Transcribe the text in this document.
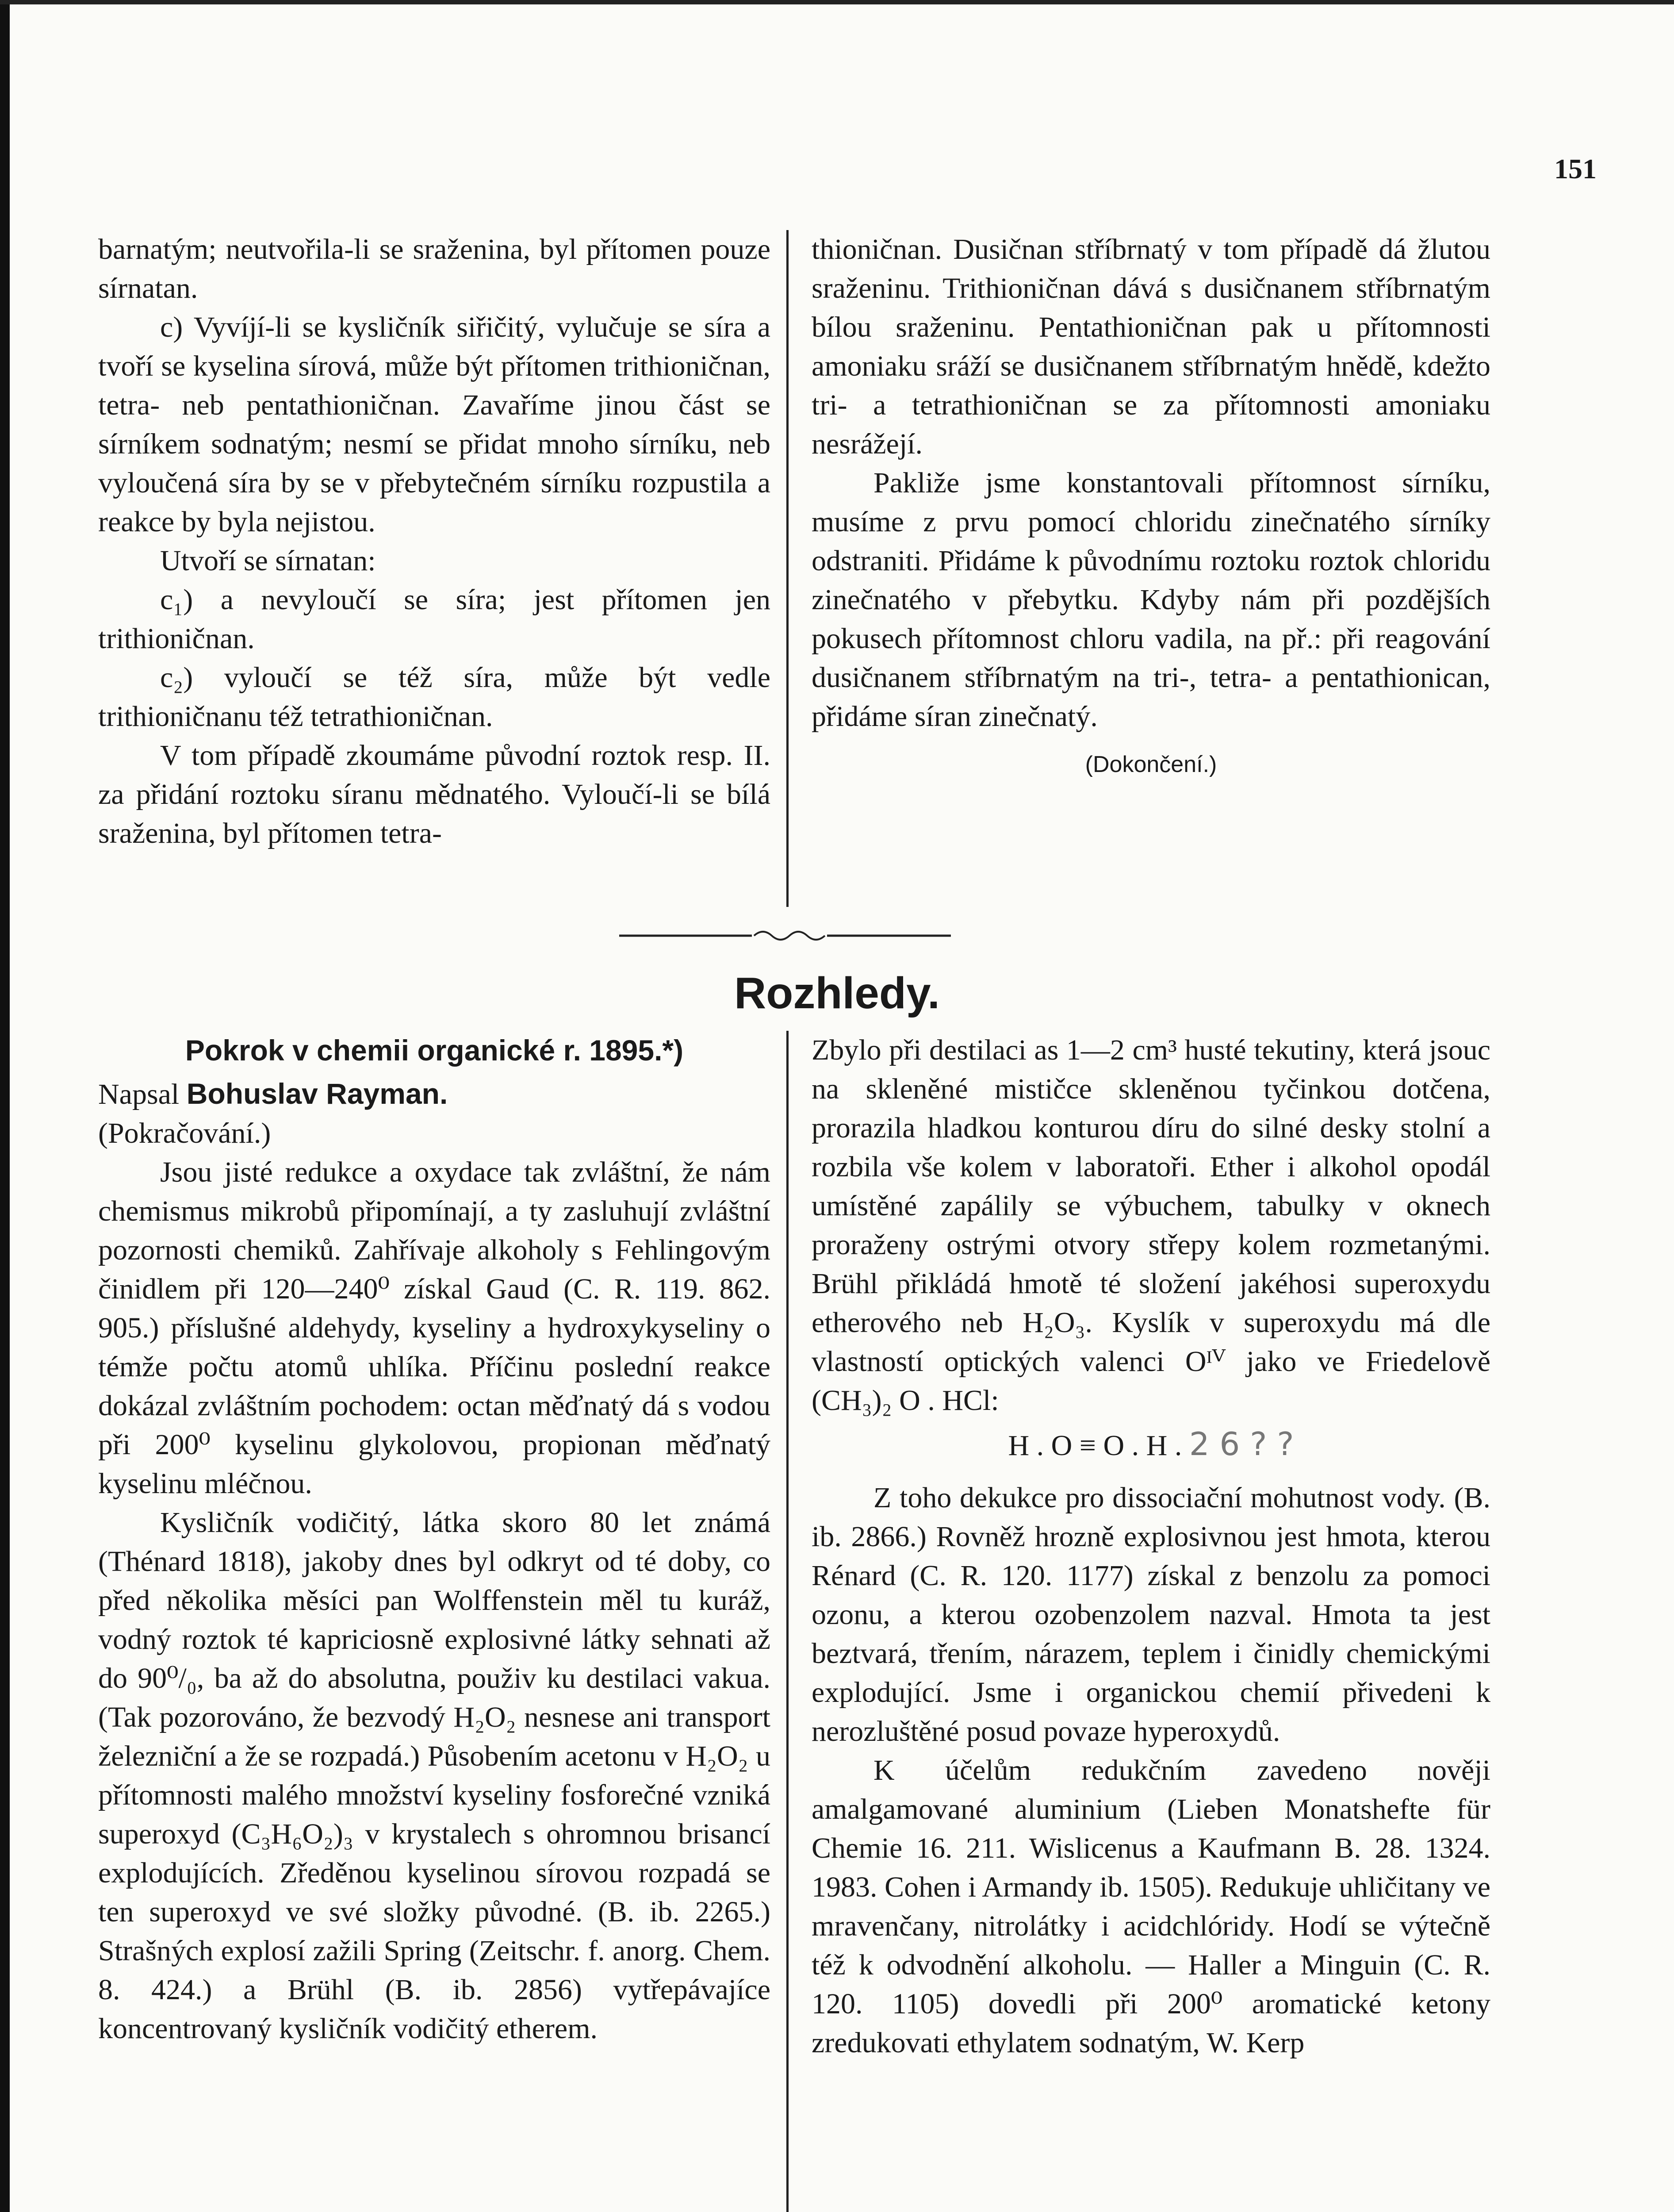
151

barnatým; neutvořila-li se sraženina, byl přítomen pouze sírnatan.

c) Vyvíjí-li se kysličník siřičitý, vylučuje se síra a tvoří se kyselina sírová, může být přítomen trithioničnan, tetra- neb pentathioničnan. Zavaříme jinou část se sírníkem sodnatým; nesmí se přidat mnoho sírníku, neb vyloučená síra by se v přebytečném sírníku rozpustila a reakce by byla nejistou.

Utvoří se sírnatan:

c₁) a nevyloučí se síra; jest přítomen jen trithioničnan.

c₂) vyloučí se též síra, může být vedle trithioničnanu též tetrathioničnan.

V tom případě zkoumáme původní roztok resp. II. za přidání roztoku síranu mědnatého. Vyloučí-li se bílá sraženina, byl přítomen tetra-

thioničnan. Dusičnan stříbrnatý v tom případě dá žlutou sraženinu. Trithioničnan dává s dusičnanem stříbrnatým bílou sraženinu. Pentathioničnan pak u přítomnosti amoniaku sráží se dusičnanem stříbrnatým hnědě, kdežto tri- a tetrathioničnan se za přítomnosti amoniaku nesrážejí.

Pakliže jsme konstantovali přítomnost sírníku, musíme z prvu pomocí chloridu zinečnatého sírníky odstraniti. Přidáme k původnímu roztoku roztok chloridu zinečnatého v přebytku. Kdyby nám při pozdějších pokusech přítomnost chloru vadila, na př.: při reagování dusičnanem stříbrnatým na tri-, tetra- a pentathionican, přidáme síran zinečnatý.

(Dokončení.)

Rozhledy.
Pokrok v chemii organické r. 1895.*)

Napsal Bohuslav Rayman.

(Pokračování.)

Jsou jisté redukce a oxydace tak zvláštní, že nám chemismus mikrobů připomínají, a ty zasluhují zvláštní pozornosti chemiků. Zahřívaje alkoholy s Fehlingovým činidlem při 120—240⁰ získal Gaud (C. R. 119. 862. 905.) příslušné aldehydy, kyseliny a hydroxykyseliny o témže počtu atomů uhlíka. Příčinu poslední reakce dokázal zvláštním pochodem: octan měďnatý dá s vodou při 200⁰ kyselinu glykolovou, propionan měďnatý kyselinu mléčnou.

Kysličník vodičitý, látka skoro 80 let známá (Thénard 1818), jakoby dnes byl odkryt od té doby, co před několika měsíci pan Wolffenstein měl tu kuráž, vodný roztok té kapriciosně explosivné látky sehnati až do 90⁰/₀, ba až do absolutna, použiv ku destilaci vakua. (Tak pozorováno, že bezvodý H₂O₂ nesnese ani transport železniční a že se rozpadá.) Působením acetonu v H₂O₂ u přítomnosti malého množství kyseliny fosforečné vzniká superoxyd (C₃H₆O₂)₃ v krystalech s ohromnou brisancí explodujících. Zředěnou kyselinou sírovou rozpadá se ten superoxyd ve své složky původné. (B. ib. 2265.) Strašných explosí zažili Spring (Zeitschr. f. anorg. Chem. 8. 424.) a Brühl (B. ib. 2856) vytřepávajíce koncentrovaný kysličník vodičitý etherem.

Zbylo při destilaci as 1—2 cm³ husté tekutiny, která jsouc na skleněné mističce skleněnou tyčinkou dotčena, prorazila hladkou konturou díru do silné desky stolní a rozbila vše kolem v laboratoři. Ether i alkohol opodál umístěné zapálily se výbuchem, tabulky v oknech proraženy ostrými otvory střepy kolem rozmetanými. Brühl přikládá hmotě té složení jakéhosi superoxydu etherového neb H₂O₃. Kyslík v superoxydu má dle vlastností optických valenci Oᴵⱽ jako ve Friedelově (CH₃)₂ O . HCl:

H . O ≡ O . H . 2 6 ? ?

Z toho dekukce pro dissociační mohutnost vody. (B. ib. 2866.) Rovněž hrozně explosivnou jest hmota, kterou Rénard (C. R. 120. 1177) získal z benzolu za pomoci ozonu, a kterou ozobenzolem nazval. Hmota ta jest beztvará, třením, nárazem, teplem i činidly chemickými explodující. Jsme i organickou chemií přivedeni k nerozluštěné posud povaze hyperoxydů.

K účelům redukčním zavedeno nověji amalgamované aluminium (Lieben Monatshefte für Chemie 16. 211. Wislicenus a Kaufmann B. 28. 1324. 1983. Cohen i Armandy ib. 1505). Redukuje uhličitany ve mravenčany, nitrolátky i acidchlóridy. Hodí se výtečně též k odvodnění alkoholu. — Haller a Minguin (C. R. 120. 1105) dovedli při 200⁰ aromatické ketony zredukovati ethylatem sodnatým, W. Kerp
